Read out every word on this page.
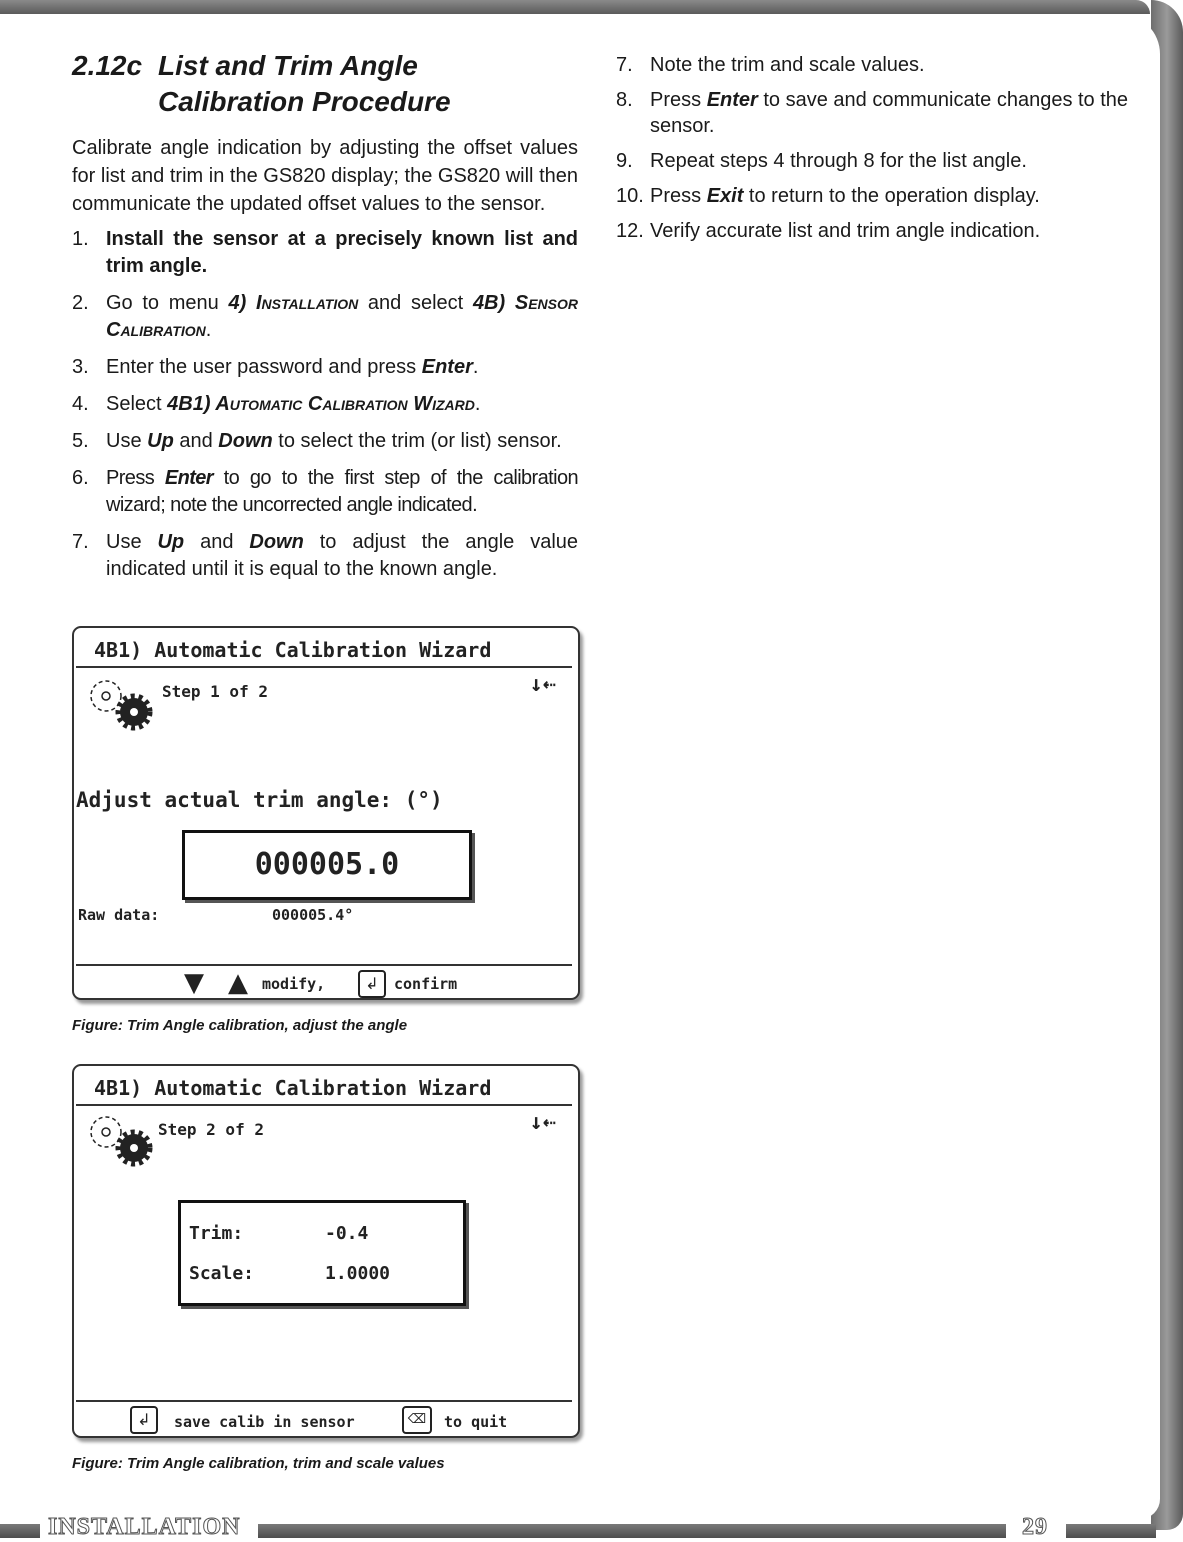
2.12c List and Trim Angle
Calibration Procedure
Calibrate angle indication by adjusting the offset values for list and trim in the GS820 display; the GS820 will then communicate the updated offset values to the sensor.
1. Install the sensor at a precisely known list and trim angle.
2. Go to menu 4) Installation and select 4B) Sensor Calibration.
3. Enter the user password and press Enter.
4. Select 4B1) Automatic Calibration Wizard.
5. Use Up and Down to select the trim (or list) sensor.
6. Press Enter to go to the first step of the calibration wizard; note the uncorrected angle indicated.
7. Use Up and Down to adjust the angle value indicated until it is equal to the known angle.
4B1) Automatic Calibration Wizard
Step 1 of 2	↓⇠
Adjust actual trim angle: (°)
000005.0
Raw data:	000005.4°
▼ ▲ modify,	↲	confirm
Figure: Trim Angle calibration, adjust the angle
4B1) Automatic Calibration Wizard
Step 2 of 2	↓⇠
Trim:	-0.4
Scale:	1.0000
↲	save calib in sensor	⌫	to quit
Figure: Trim Angle calibration, trim and scale values
7. Note the trim and scale values.
8. Press Enter to save and communicate changes to the sensor.
9. Repeat steps 4 through 8 for the list angle.
10. Press Exit to return to the operation display.
12. Verify accurate list and trim angle indication.
INSTALLATION	29
